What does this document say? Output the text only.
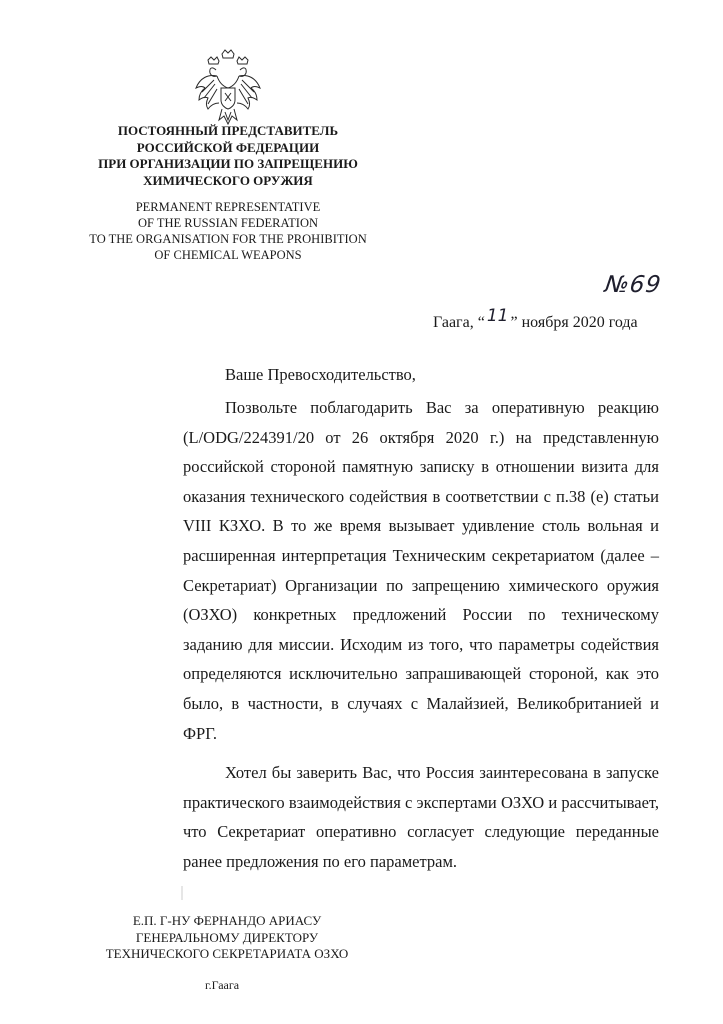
ПОСТОЯННЫЙ ПРЕДСТАВИТЕЛЬ
РОССИЙСКОЙ ФЕДЕРАЦИИ
ПРИ ОРГАНИЗАЦИИ ПО ЗАПРЕЩЕНИЮ
ХИМИЧЕСКОГО ОРУЖИЯ
PERMANENT REPRESENTATIVE
OF THE RUSSIAN FEDERATION
TO THE ORGANISATION FOR THE PROHIBITION
OF CHEMICAL WEAPONS
№69
Гаага, “ 11 ” ноября 2020 года
Ваше Превосходительство,

Позвольте поблагодарить Вас за оперативную реакцию (L/ODG/224391/20 от 26 октября 2020 г.) на представленную российской стороной памятную записку в отношении визита для оказания технического содействия в соответствии с п.38 (е) статьи VIII КЗХО. В то же время вызывает удивление столь вольная и расширенная интерпретация Техническим секретариатом (далее – Секретариат) Организации по запрещению химического оружия (ОЗХО) конкретных предложений России по техническому заданию для миссии. Исходим из того, что параметры содействия определяются исключительно запрашивающей стороной, как это было, в частности, в случаях с Малайзией, Великобританией и ФРГ.

Хотел бы заверить Вас, что Россия заинтересована в запуске практического взаимодействия с экспертами ОЗХО и рассчитывает, что Секретариат оперативно согласует следующие переданные ранее предложения по его параметрам.

Е.П. Г-НУ ФЕРНАНДО АРИАСУ
ГЕНЕРАЛЬНОМУ ДИРЕКТОРУ
ТЕХНИЧЕСКОГО СЕКРЕТАРИАТА ОЗХО
г.Гаага
